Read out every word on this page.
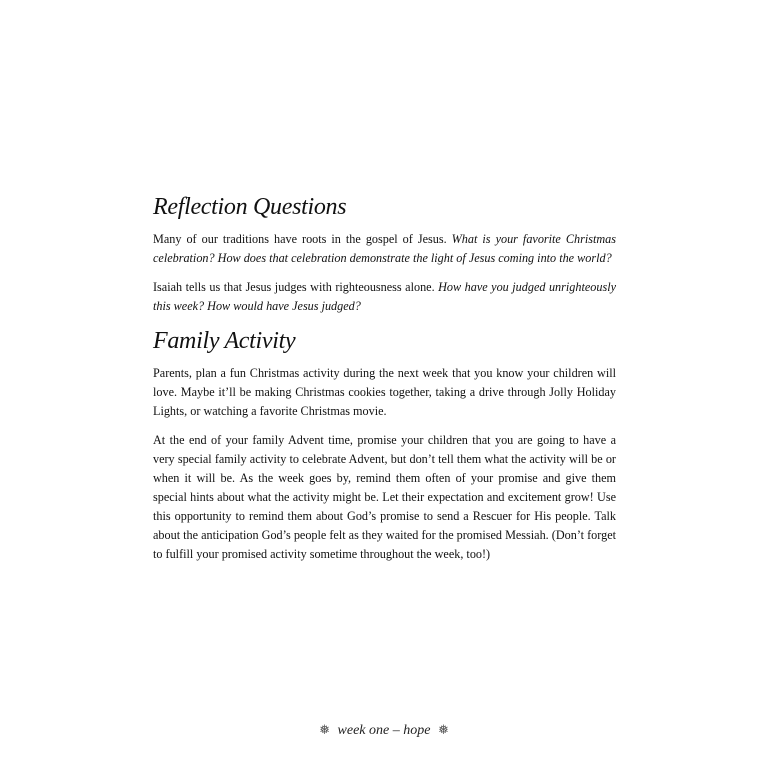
Reflection Questions

Many of our traditions have roots in the gospel of Jesus. What is your favorite Christmas celebration? How does that celebration demonstrate the light of Jesus coming into the world?

Isaiah tells us that Jesus judges with righteousness alone. How have you judged unrighteously this week? How would have Jesus judged?

Family Activity

Parents, plan a fun Christmas activity during the next week that you know your children will love. Maybe it’ll be making Christmas cookies together, taking a drive through Jolly Holiday Lights, or watching a favorite Christmas movie.

At the end of your family Advent time, promise your children that you are going to have a very special family activity to celebrate Advent, but don’t tell them what the activity will be or when it will be. As the week goes by, remind them often of your promise and give them special hints about what the activity might be. Let their expectation and excitement grow! Use this opportunity to remind them about God’s promise to send a Rescuer for His people. Talk about the anticipation God’s people felt as they waited for the promised Messiah. (Don’t forget to fulfill your promised activity sometime throughout the week, too!)

❅ week one – hope ❅
